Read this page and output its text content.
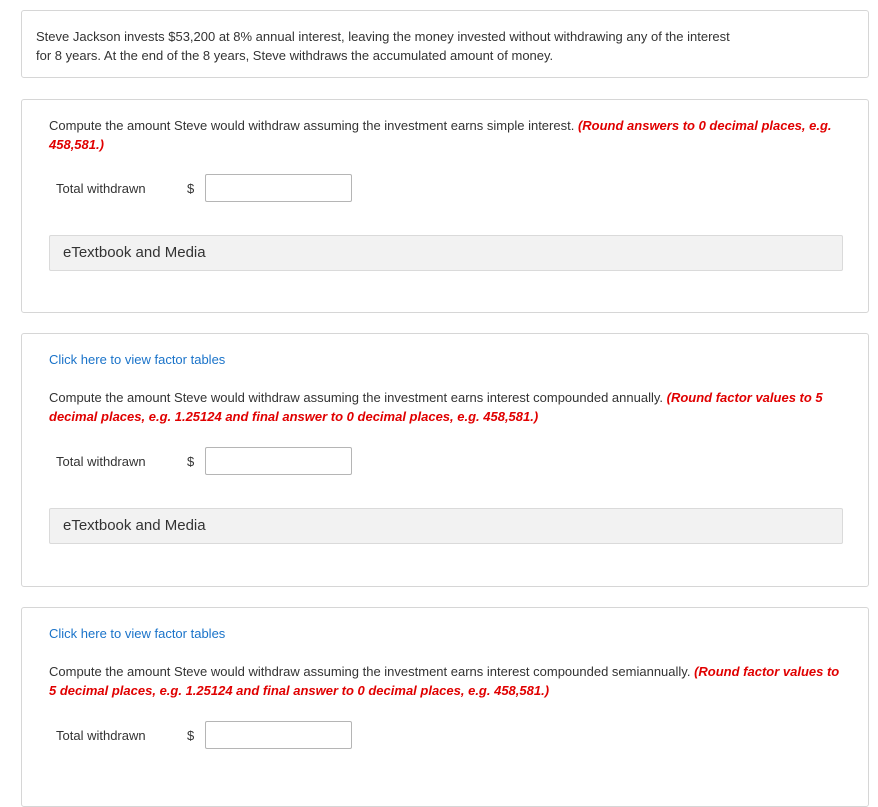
Steve Jackson invests $53,200 at 8% annual interest, leaving the money invested without withdrawing any of the interest
for 8 years. At the end of the 8 years, Steve withdraws the accumulated amount of money.
Compute the amount Steve would withdraw assuming the investment earns simple interest. (Round answers to 0 decimal places, e.g. 458,581.)
Total withdrawn	$
eTextbook and Media
Click here to view factor tables
Compute the amount Steve would withdraw assuming the investment earns interest compounded annually. (Round factor values to 5 decimal places, e.g. 1.25124 and final answer to 0 decimal places, e.g. 458,581.)
Total withdrawn	$
eTextbook and Media
Click here to view factor tables
Compute the amount Steve would withdraw assuming the investment earns interest compounded semiannually. (Round factor values to 5 decimal places, e.g. 1.25124 and final answer to 0 decimal places, e.g. 458,581.)
Total withdrawn	$
